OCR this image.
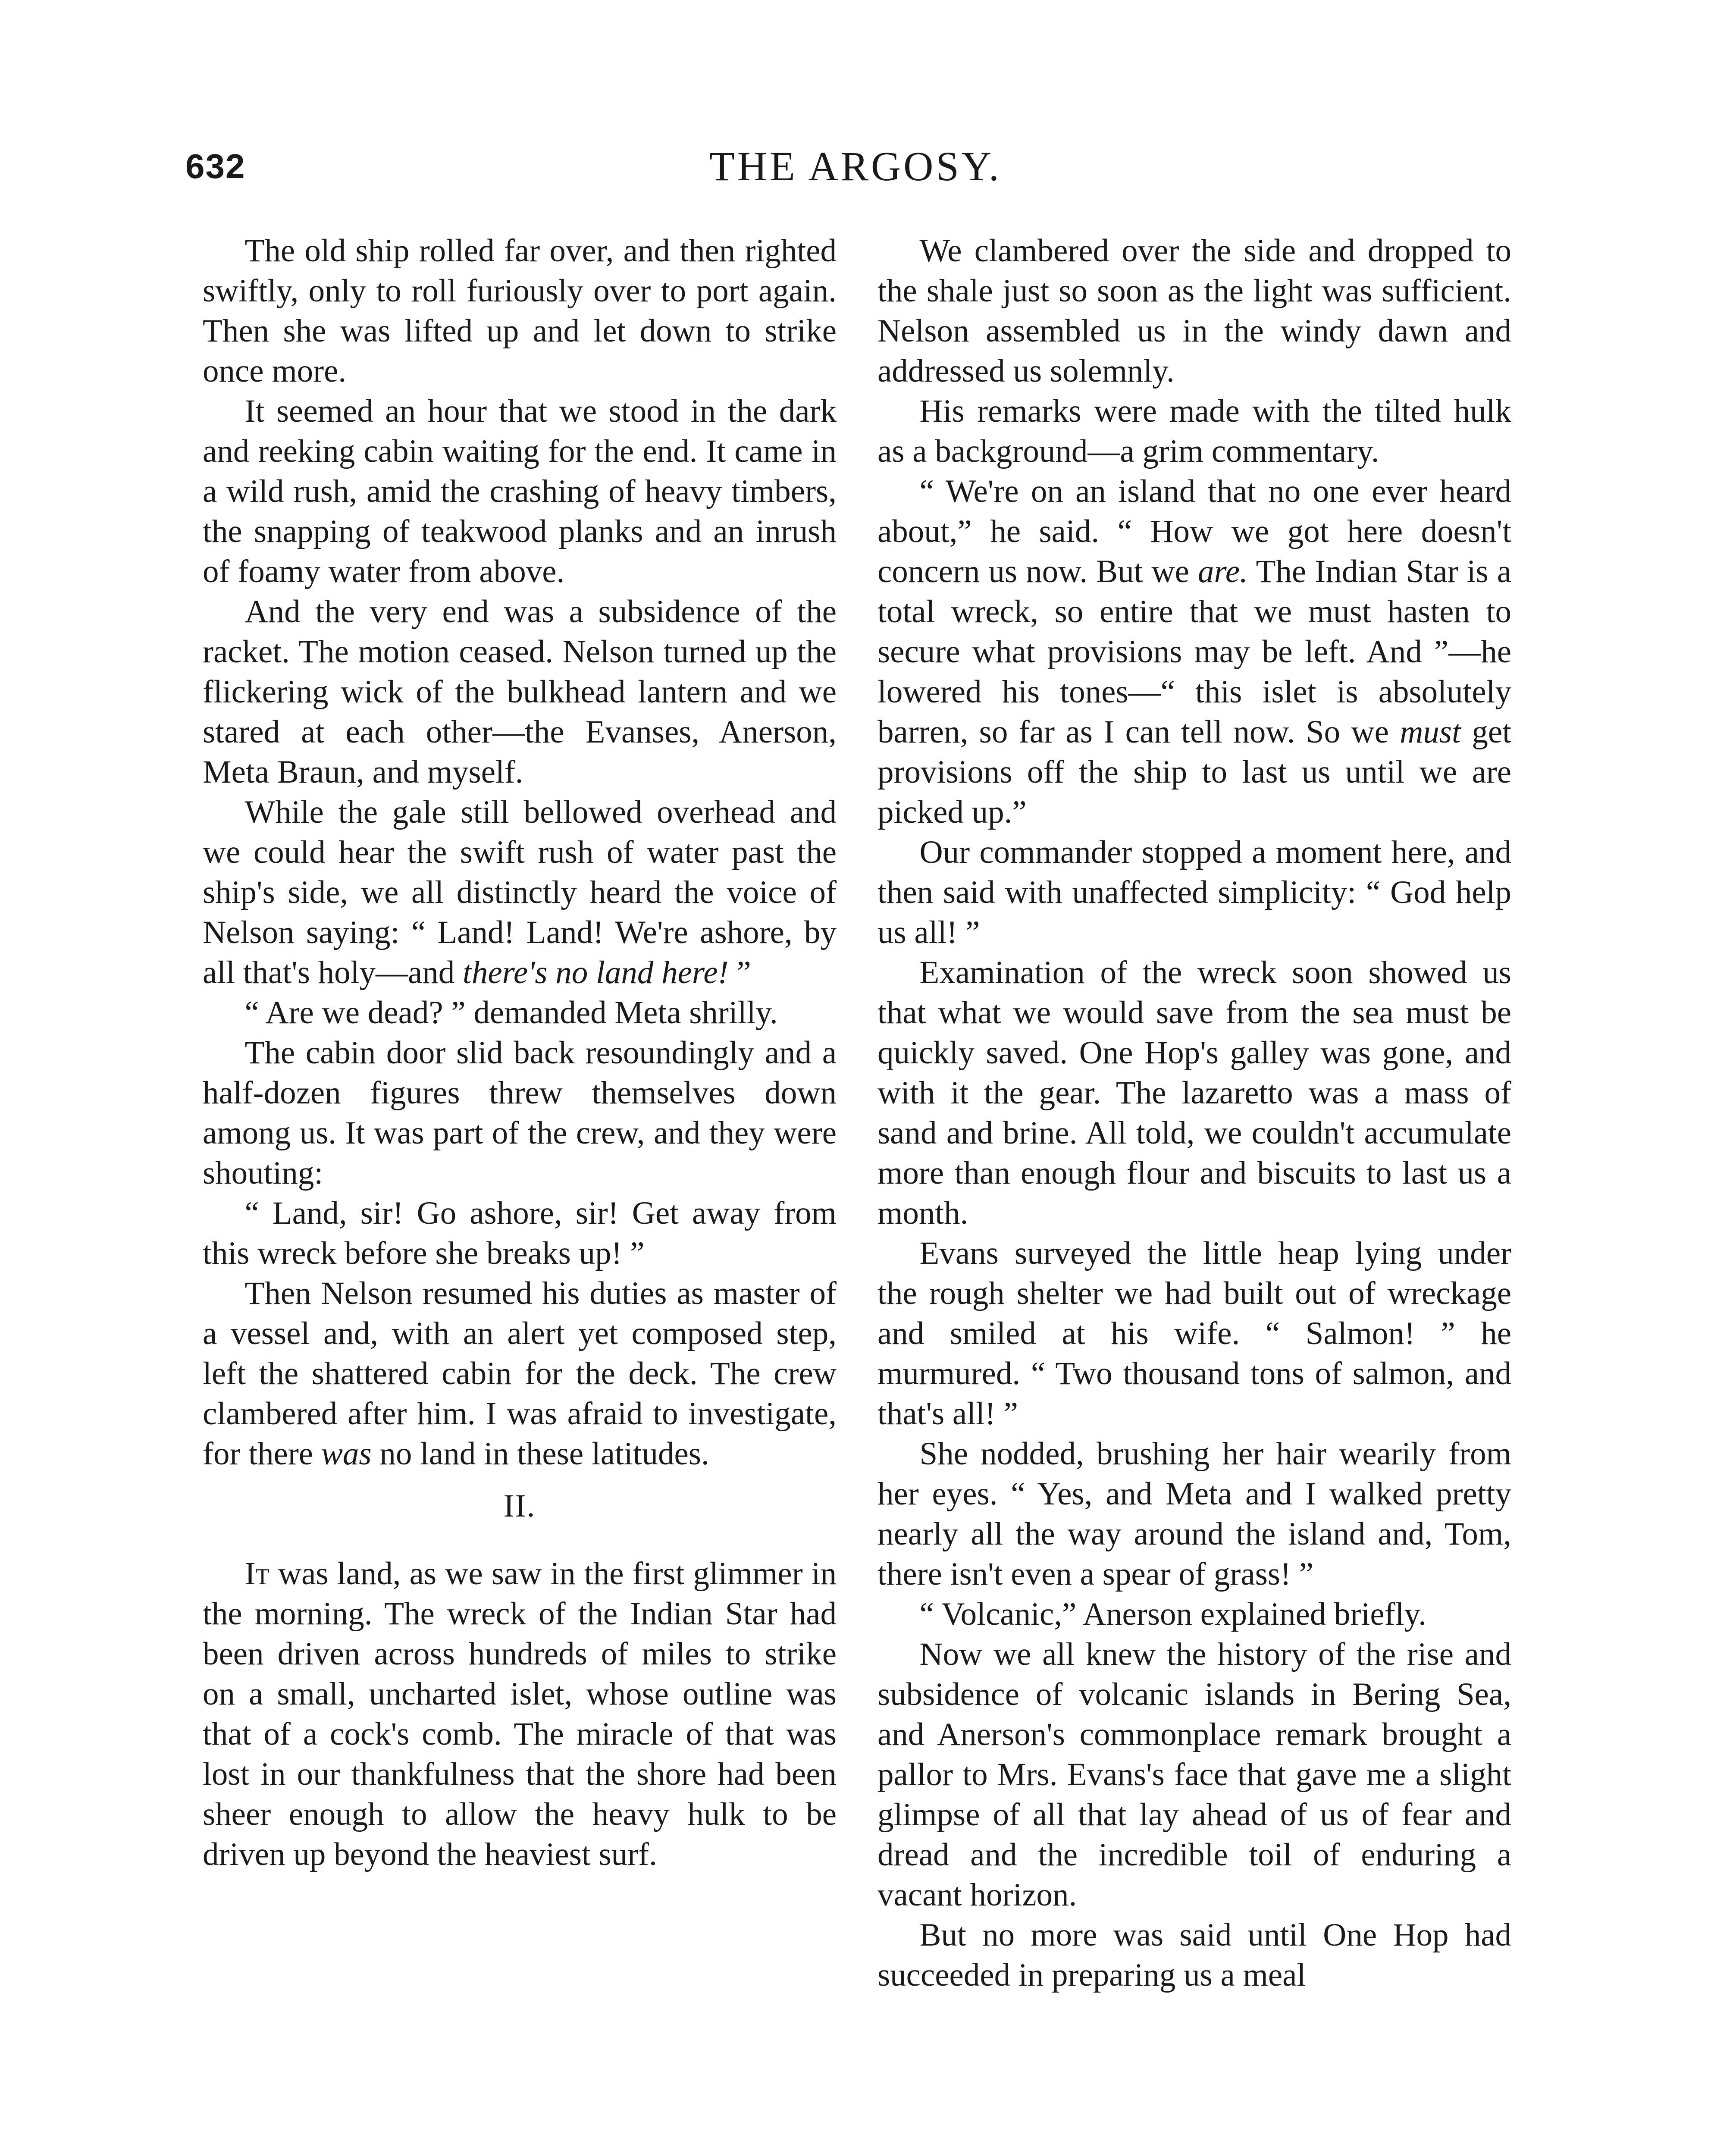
632	THE ARGOSY.

The old ship rolled far over, and then righted swiftly, only to roll furiously over to port again. Then she was lifted up and let down to strike once more.

It seemed an hour that we stood in the dark and reeking cabin waiting for the end. It came in a wild rush, amid the crashing of heavy timbers, the snapping of teakwood planks and an inrush of foamy water from above.

And the very end was a subsidence of the racket. The motion ceased. Nelson turned up the flickering wick of the bulkhead lantern and we stared at each other—the Evanses, Anerson, Meta Braun, and myself.

While the gale still bellowed overhead and we could hear the swift rush of water past the ship's side, we all distinctly heard the voice of Nelson saying: “ Land! Land! We're ashore, by all that's holy—and there's no land here! ”

“ Are we dead? ” demanded Meta shrilly.

The cabin door slid back resoundingly and a half-dozen figures threw themselves down among us. It was part of the crew, and they were shouting:

“ Land, sir! Go ashore, sir! Get away from this wreck before she breaks up! ”

Then Nelson resumed his duties as master of a vessel and, with an alert yet composed step, left the shattered cabin for the deck. The crew clambered after him. I was afraid to investigate, for there was no land in these latitudes.

II.

It was land, as we saw in the first glimmer in the morning. The wreck of the Indian Star had been driven across hundreds of miles to strike on a small, uncharted islet, whose outline was that of a cock's comb. The miracle of that was lost in our thankfulness that the shore had been sheer enough to allow the heavy hulk to be driven up beyond the heaviest surf.

We clambered over the side and dropped to the shale just so soon as the light was sufficient. Nelson assembled us in the windy dawn and addressed us solemnly.

His remarks were made with the tilted hulk as a background—a grim commentary.

“ We're on an island that no one ever heard about,” he said. “ How we got here doesn't concern us now. But we are. The Indian Star is a total wreck, so entire that we must hasten to secure what provisions may be left. And ”—he lowered his tones—“ this islet is absolutely barren, so far as I can tell now. So we must get provisions off the ship to last us until we are picked up.”

Our commander stopped a moment here, and then said with unaffected simplicity: “ God help us all! ”

Examination of the wreck soon showed us that what we would save from the sea must be quickly saved. One Hop's galley was gone, and with it the gear. The lazaretto was a mass of sand and brine. All told, we couldn't accumulate more than enough flour and biscuits to last us a month.

Evans surveyed the little heap lying under the rough shelter we had built out of wreckage and smiled at his wife. “ Salmon! ” he murmured. “ Two thousand tons of salmon, and that's all! ”

She nodded, brushing her hair wearily from her eyes. “ Yes, and Meta and I walked pretty nearly all the way around the island and, Tom, there isn't even a spear of grass! ”

“ Volcanic,” Anerson explained briefly.

Now we all knew the history of the rise and subsidence of volcanic islands in Bering Sea, and Anerson's commonplace remark brought a pallor to Mrs. Evans's face that gave me a slight glimpse of all that lay ahead of us of fear and dread and the incredible toil of enduring a vacant horizon.

But no more was said until One Hop had succeeded in preparing us a meal
